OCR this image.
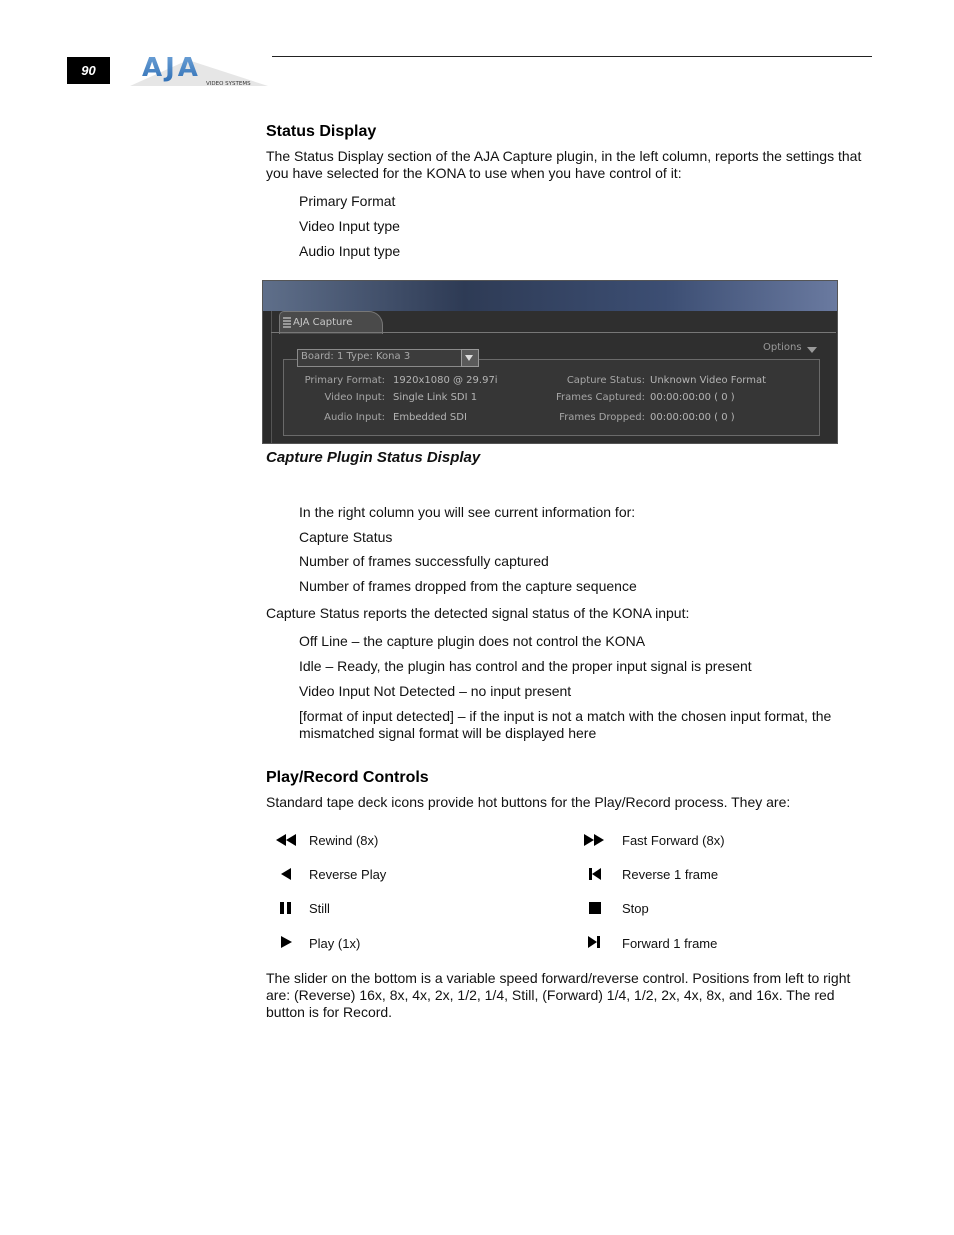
90	AJA
VIDEO SYSTEMS
Status Display
The Status Display section of the AJA Capture plugin, in the left column, reports the settings that you have selected for the KONA to use when you have control of it:
Primary Format
Video Input type
Audio Input type
AJA Capture
Options
Board: 1 Type: Kona 3
Primary Format: 1920x1080 @ 29.97i
Video Input: Single Link SDI 1
Audio Input: Embedded SDI
Capture Status: Unknown Video Format
Frames Captured: 00:00:00:00 ( 0 )
Frames Dropped: 00:00:00:00 ( 0 )
Capture Plugin Status Display
In the right column you will see current information for:
Capture Status
Number of frames successfully captured
Number of frames dropped from the capture sequence
Capture Status reports the detected signal status of the KONA input:
Off Line – the capture plugin does not control the KONA
Idle – Ready, the plugin has control and the proper input signal is present
Video Input Not Detected – no input present
[format of input detected] – if the input is not a match with the chosen input format, the mismatched signal format will be displayed here
Play/Record Controls
Standard tape deck icons provide hot buttons for the Play/Record process. They are:
Rewind (8x)
Reverse Play
Still
Play (1x)
Fast Forward (8x)
Reverse 1 frame
Stop
Forward 1 frame
The slider on the bottom is a variable speed forward/reverse control. Positions from left to right are: (Reverse) 16x, 8x, 4x, 2x, 1/2, 1/4, Still, (Forward) 1/4, 1/2, 2x, 4x, 8x, and 16x. The red button is for Record.
